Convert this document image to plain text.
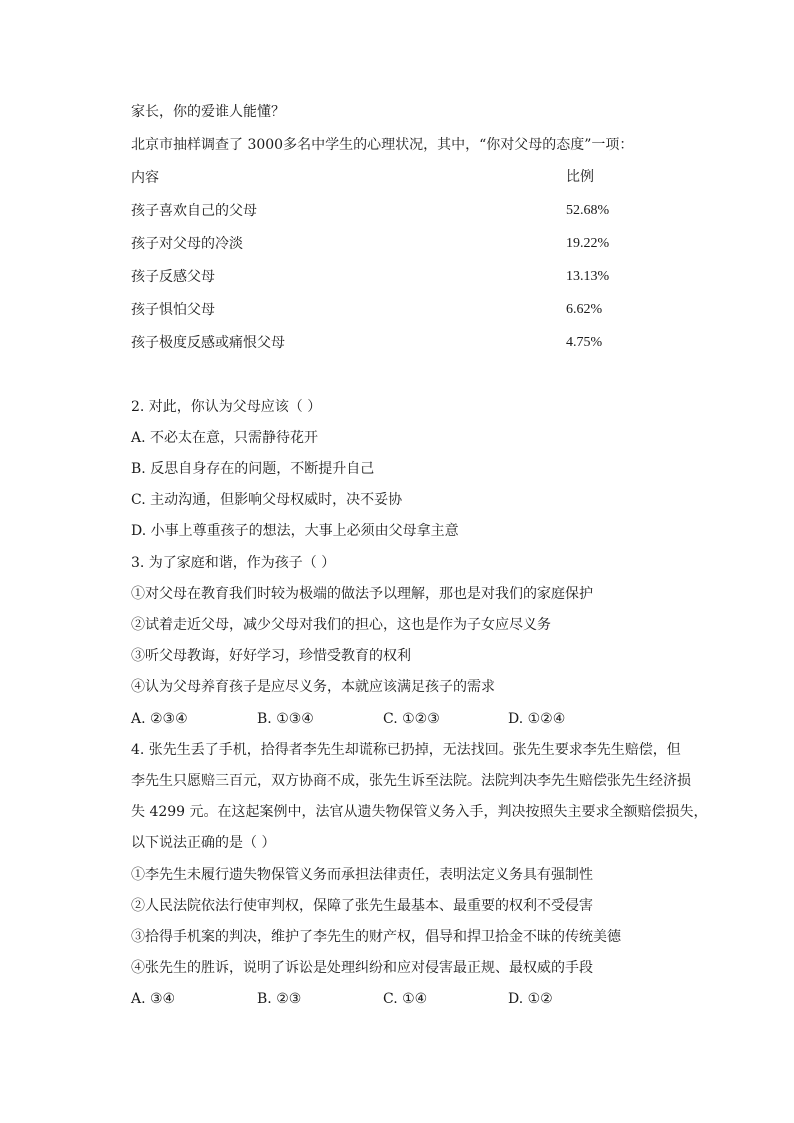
家长，你的爱谁人能懂？
北京市抽样调查了 3000多名中学生的心理状况，其中，“你对父母的态度”一项：
内容	比例
孩子喜欢自己的父母	52.68%
孩子对父母的冷淡	19.22%
孩子反感父母	13.13%
孩子惧怕父母	6.62%
孩子极度反感或痛恨父母	4.75%
2. 对此，你认为父母应该（ ）
A. 不必太在意，只需静待花开
B. 反思自身存在的问题，不断提升自己
C. 主动沟通，但影响父母权威时，决不妥协
D. 小事上尊重孩子的想法，大事上必须由父母拿主意
3. 为了家庭和谐，作为孩子（ ）
①对父母在教育我们时较为极端的做法予以理解，那也是对我们的家庭保护
②试着走近父母，减少父母对我们的担心，这也是作为子女应尽义务
③听父母教诲，好好学习，珍惜受教育的权利
④认为父母养育孩子是应尽义务，本就应该满足孩子的需求
A. ②③④	B. ①③④	C. ①②③	D. ①②④
4. 张先生丢了手机，拾得者李先生却谎称已扔掉，无法找回。张先生要求李先生赔偿，但
李先生只愿赔三百元，双方协商不成，张先生诉至法院。法院判决李先生赔偿张先生经济损
失 4299 元。在这起案例中，法官从遗失物保管义务入手，判决按照失主要求全额赔偿损失，
以下说法正确的是（ ）
①李先生未履行遗失物保管义务而承担法律责任，表明法定义务具有强制性
②人民法院依法行使审判权，保障了张先生最基本、最重要的权利不受侵害
③拾得手机案的判决，维护了李先生的财产权，倡导和捍卫拾金不昧的传统美德
④张先生的胜诉，说明了诉讼是处理纠纷和应对侵害最正规、最权威的手段
A. ③④	B. ②③	C. ①④	D. ①②
